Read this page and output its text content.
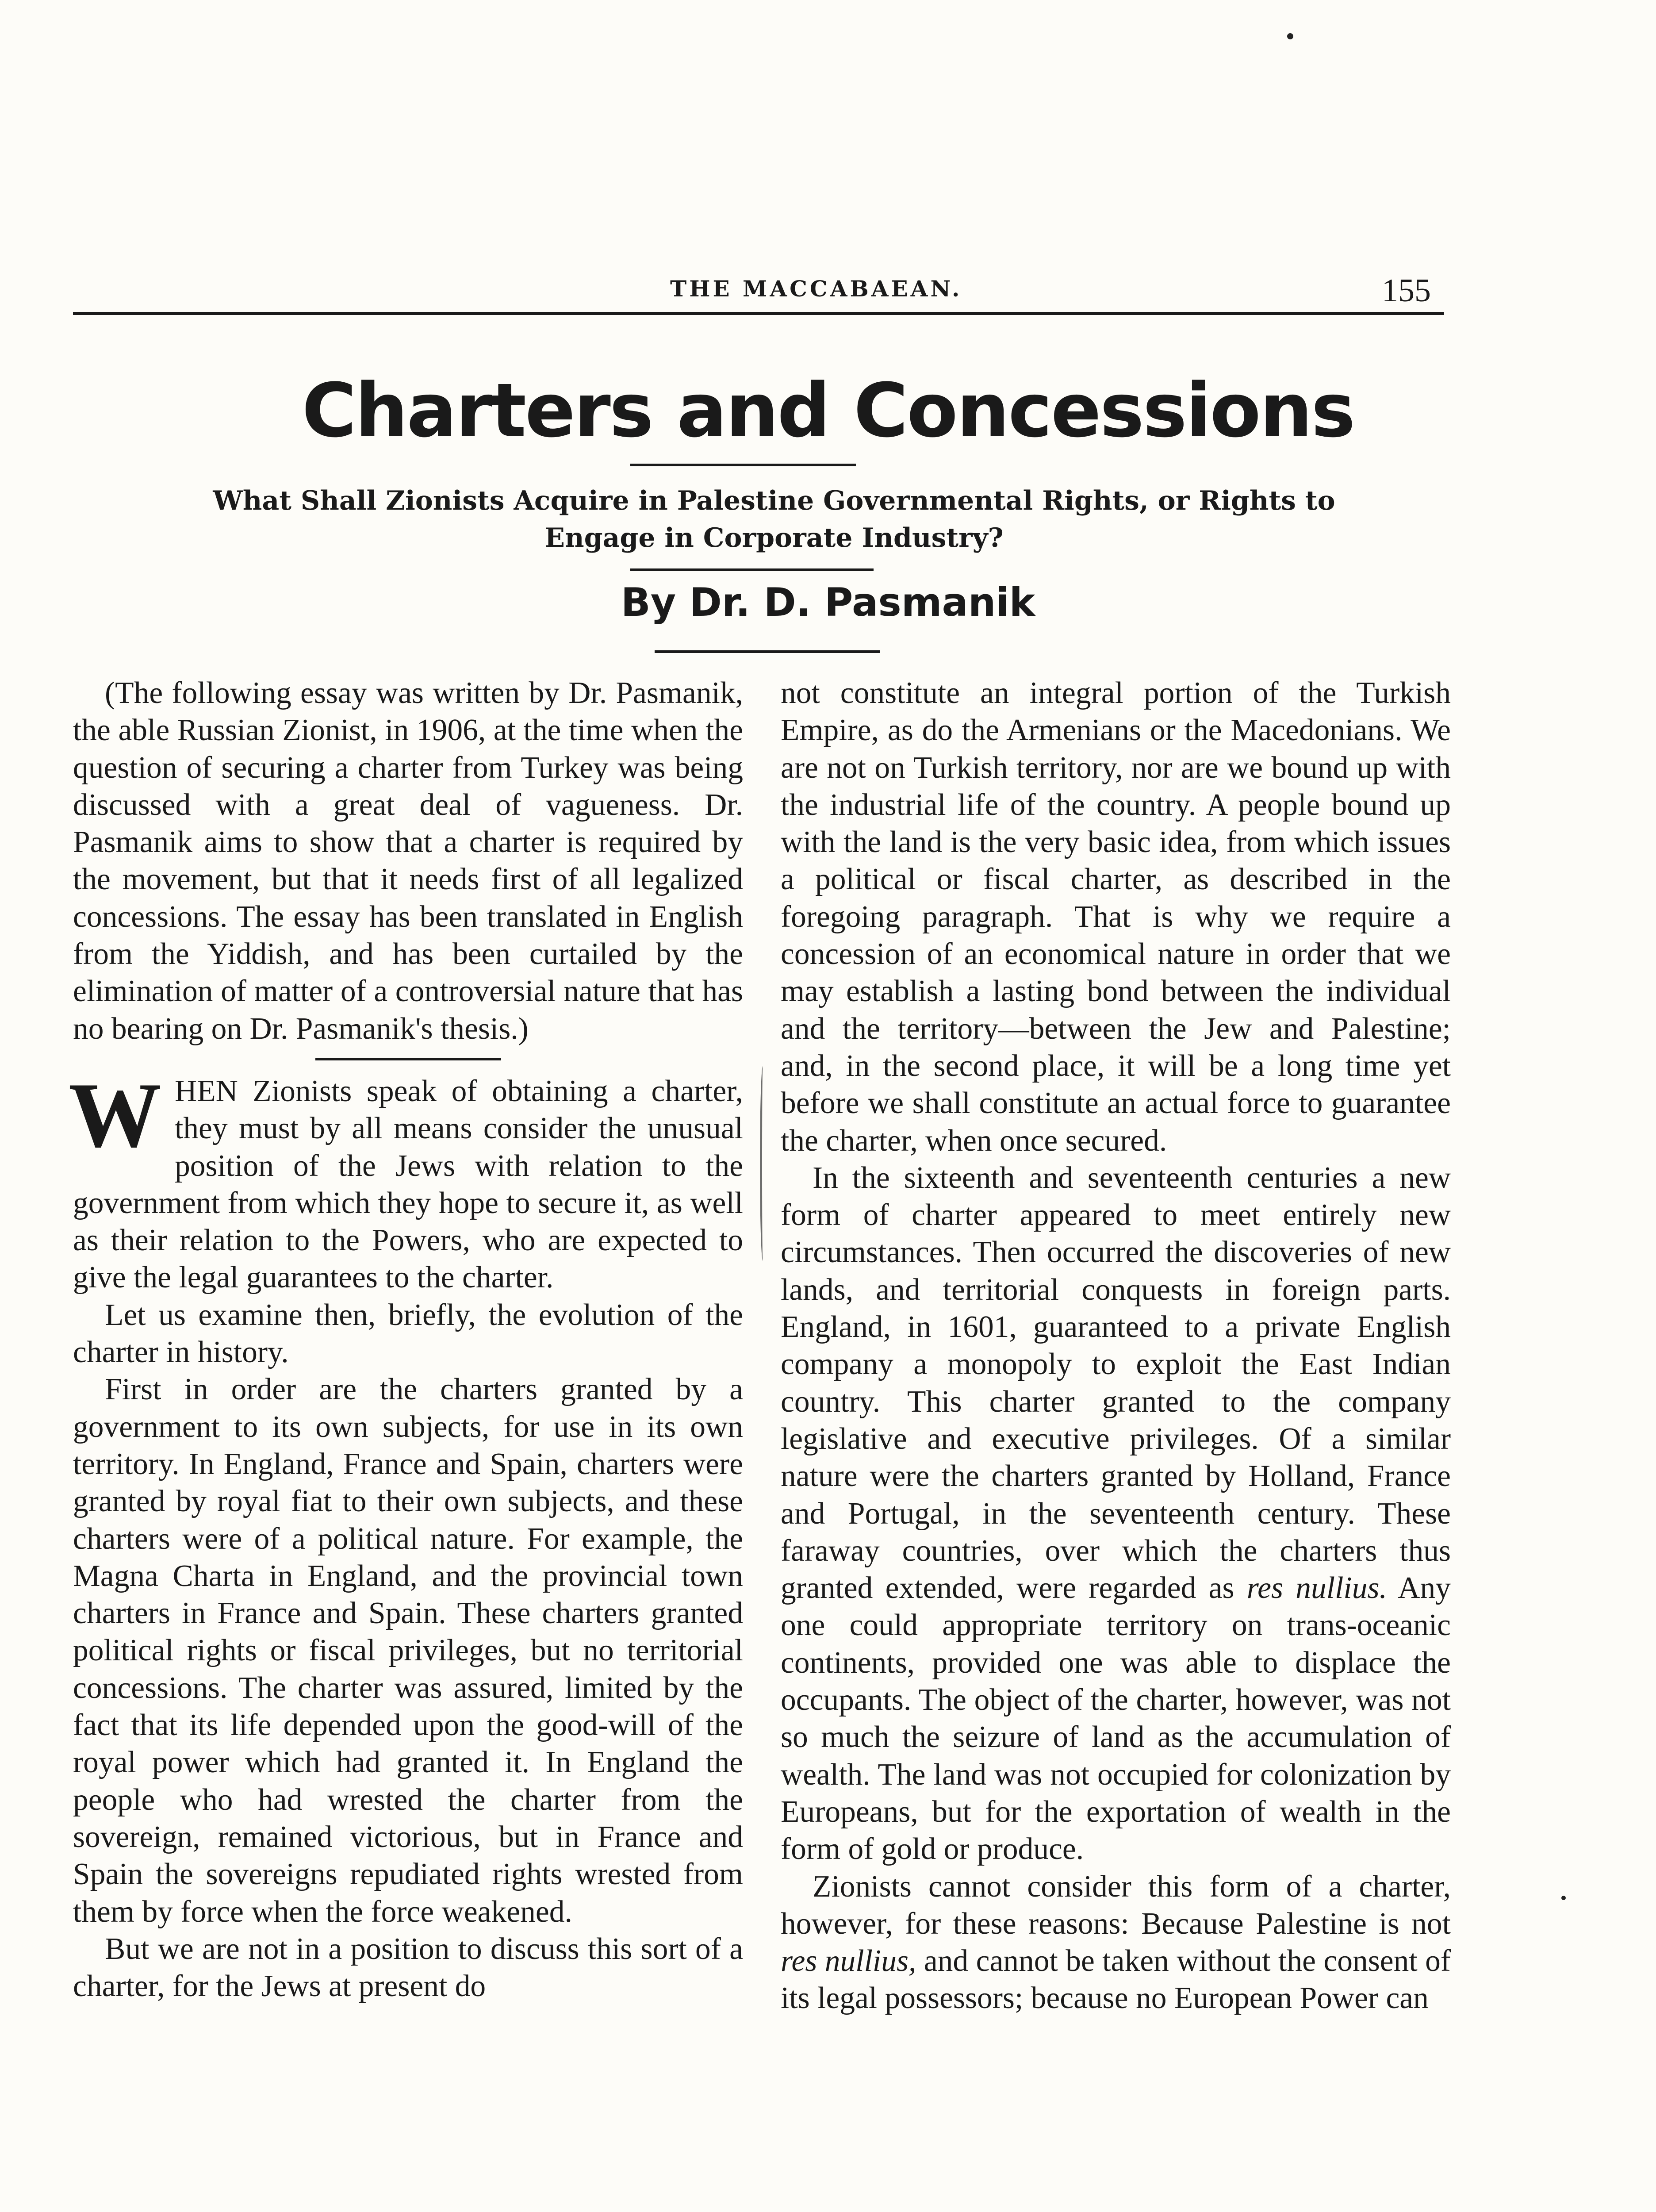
THE MACCABAEAN.	155
Charters and Concessions
What Shall Zionists Acquire in Palestine Governmental Rights, or Rights to Engage in Corporate Industry?
By Dr. D. Pasmanik

(The following essay was written by Dr. Pasmanik, the able Russian Zionist, in 1906, at the time when the question of securing a charter from Turkey was being discussed with a great deal of vagueness. Dr. Pasmanik aims to show that a charter is required by the movement, but that it needs first of all legalized concessions. The essay has been translated in English from the Yiddish, and has been curtailed by the elimination of matter of a controversial nature that has no bearing on Dr. Pasmanik's thesis.)

WHEN Zionists speak of obtaining a charter, they must by all means consider the unusual position of the Jews with relation to the government from which they hope to secure it, as well as their relation to the Powers, who are expected to give the legal guarantees to the charter.

Let us examine then, briefly, the evolution of the charter in history.

First in order are the charters granted by a government to its own subjects, for use in its own territory. In England, France and Spain, charters were granted by royal fiat to their own subjects, and these charters were of a political nature. For example, the Magna Charta in England, and the provincial town charters in France and Spain. These charters granted political rights or fiscal privileges, but no territorial concessions. The charter was assured, limited by the fact that its life depended upon the good-will of the royal power which had granted it. In England the people who had wrested the charter from the sovereign, remained victorious, but in France and Spain the sovereigns repudiated rights wrested from them by force when the force weakened.

But we are not in a position to discuss this sort of a charter, for the Jews at present do

not constitute an integral portion of the Turkish Empire, as do the Armenians or the Macedonians. We are not on Turkish territory, nor are we bound up with the industrial life of the country. A people bound up with the land is the very basic idea, from which issues a political or fiscal charter, as described in the foregoing paragraph. That is why we require a concession of an economical nature in order that we may establish a lasting bond between the individual and the territory—between the Jew and Palestine; and, in the second place, it will be a long time yet before we shall constitute an actual force to guarantee the charter, when once secured.

In the sixteenth and seventeenth centuries a new form of charter appeared to meet entirely new circumstances. Then occurred the discoveries of new lands, and territorial conquests in foreign parts. England, in 1601, guaranteed to a private English company a monopoly to exploit the East Indian country. This charter granted to the company legislative and executive privileges. Of a similar nature were the charters granted by Holland, France and Portugal, in the seventeenth century. These faraway countries, over which the charters thus granted extended, were regarded as res nullius. Any one could appropriate territory on trans-oceanic continents, provided one was able to displace the occupants. The object of the charter, however, was not so much the seizure of land as the accumulation of wealth. The land was not occupied for colonization by Europeans, but for the exportation of wealth in the form of gold or produce.

Zionists cannot consider this form of a charter, however, for these reasons: Because Palestine is not res nullius, and cannot be taken without the consent of its legal possessors; because no European Power can
